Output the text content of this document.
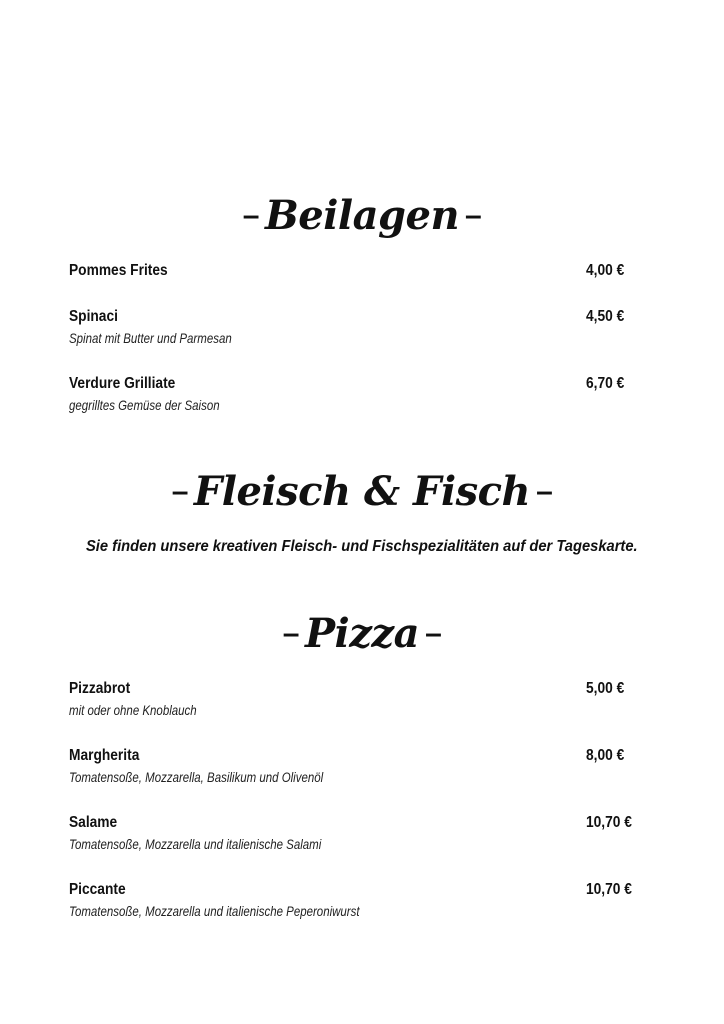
– Beilagen –
Pommes Frites	4,00 €
Spinaci	4,50 €
Spinat mit Butter und Parmesan
Verdure Grilliate	6,70 €
gegrilltes Gemüse der Saison
– Fleisch & Fisch –
Sie finden unsere kreativen Fleisch- und Fischspezialitäten auf der Tageskarte.
– Pizza –
Pizzabrot	5,00 €
mit oder ohne Knoblauch
Margherita	8,00 €
Tomatensoße, Mozzarella, Basilikum und Olivenöl
Salame	10,70 €
Tomatensoße, Mozzarella und italienische Salami
Piccante	10,70 €
Tomatensoße, Mozzarella und italienische Peperoniwurst
